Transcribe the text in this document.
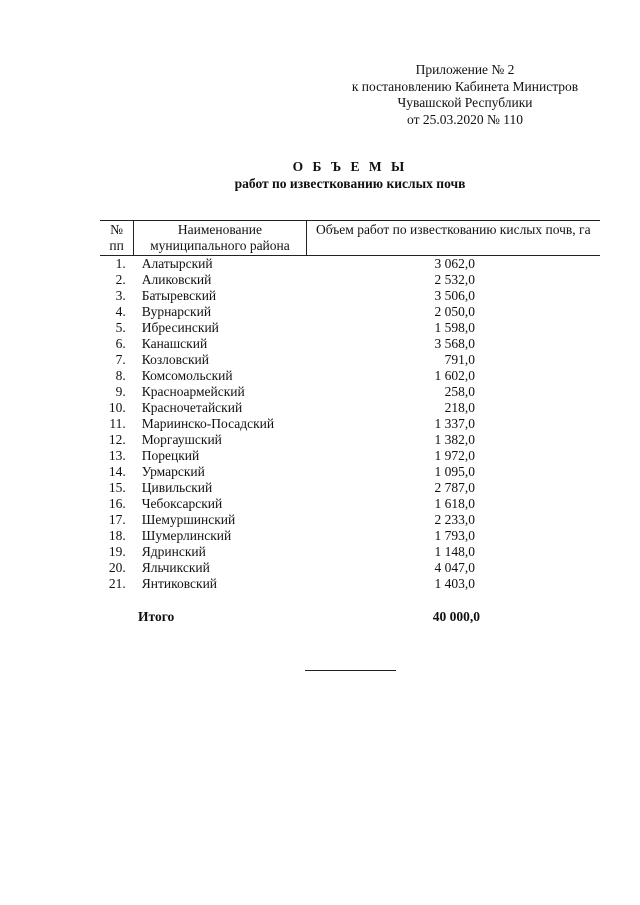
Приложение № 2
к постановлению Кабинета Министров
Чувашской Республики
от 25.03.2020 № 110
О Б Ъ Е М Ы
работ по известкованию кислых почв
№ пп	Наименование муниципального района	Объем работ по известкованию кислых почв, га
1.	Алатырский	3 062,0
2.	Аликовский	2 532,0
3.	Батыревский	3 506,0
4.	Вурнарский	2 050,0
5.	Ибресинский	1 598,0
6.	Канашский	3 568,0
7.	Козловский	791,0
8.	Комсомольский	1 602,0
9.	Красноармейский	258,0
10.	Красночетайский	218,0
11.	Мариинско-Посадский	1 337,0
12.	Моргаушский	1 382,0
13.	Порецкий	1 972,0
14.	Урмарский	1 095,0
15.	Цивильский	2 787,0
16.	Чебоксарский	1 618,0
17.	Шемуршинский	2 233,0
18.	Шумерлинский	1 793,0
19.	Ядринский	1 148,0
20.	Яльчикский	4 047,0
21.	Янтиковский	1 403,0
Итого	40 000,0
